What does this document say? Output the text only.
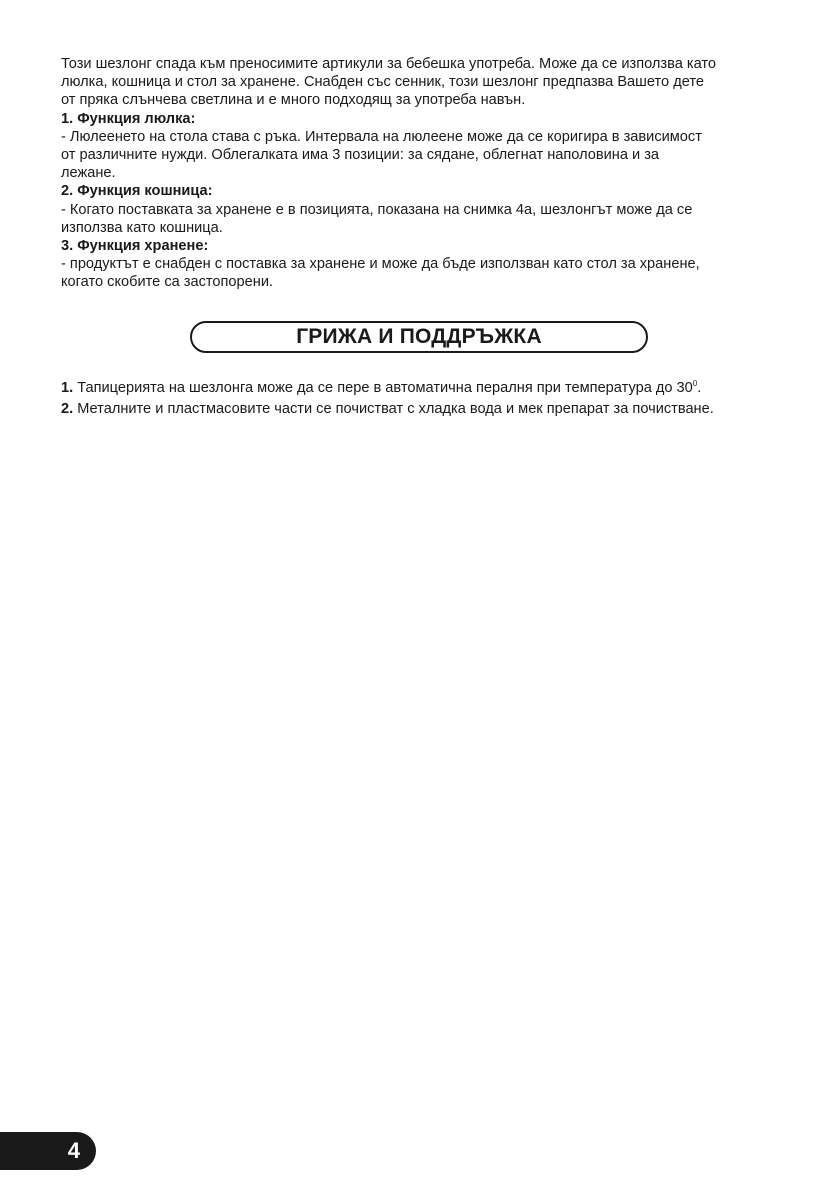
Този шезлонг спада към преносимите артикули за бебешка употреба. Може да се използва като
люлка, кошница и стол за хранене. Снабден със сенник, този шезлонг предпазва Вашето дете
от пряка слънчева светлина и е много подходящ за употреба навън.

1. Функция люлка:

- Люлеенето на стола става с ръка. Интервала на люлеене може да се коригира в зависимост
от различните нужди. Облегалката има 3 позиции: за сядане, облегнат наполовина и за
лежане.

2. Функция кошница:

- Когато поставката за хранене е в позицията, показана на снимка 4а, шезлонгът може да се
използва като кошница.

3. Функция хранене:

- продуктът е снабден с поставка за хранене и може да бъде използван като стол за хранене,
когато скобите са застопорени.

ГРИЖА И ПОДДРЪЖКА
1. Тапицерията на шезлонга може да се пере в автоматична пералня при температура до $30^0$.
2. Металните и пластмасовите части се почистват с хладка вода и мек препарат за почистване.
4
